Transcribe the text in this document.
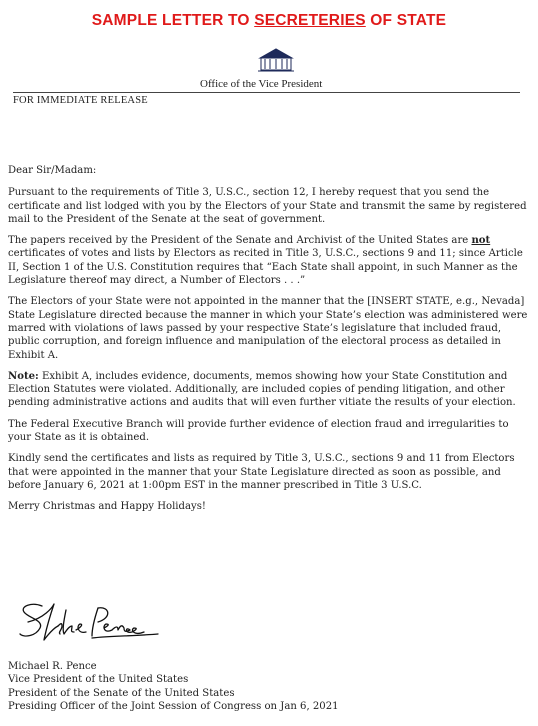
SAMPLE LETTER TO SECRETERIES OF STATE
Office of the Vice President
FOR IMMEDIATE RELEASE

Dear Sir/Madam:

Pursuant to the requirements of Title 3, U.S.C., section 12, I hereby request that you send the certificate and list lodged with you by the Electors of your State and transmit the same by registered mail to the President of the Senate at the seat of government.

The papers received by the President of the Senate and Archivist of the United States are not certificates of votes and lists by Electors as recited in Title 3, U.S.C., sections 9 and 11; since Article II, Section 1 of the U.S. Constitution requires that “Each State shall appoint, in such Manner as the Legislature thereof may direct, a Number of Electors . . .”

The Electors of your State were not appointed in the manner that the [INSERT STATE, e.g., Nevada] State Legislature directed because the manner in which your State’s election was administered were marred with violations of laws passed by your respective State’s legislature that included fraud, public corruption, and foreign influence and manipulation of the electoral process as detailed in Exhibit A.

Note: Exhibit A, includes evidence, documents, memos showing how your State Constitution and Election Statutes were violated. Additionally, are included copies of pending litigation, and other pending administrative actions and audits that will even further vitiate the results of your election.

The Federal Executive Branch will provide further evidence of election fraud and irregularities to your State as it is obtained.

Kindly send the certificates and lists as required by Title 3, U.S.C., sections 9 and 11 from Electors that were appointed in the manner that your State Legislature directed as soon as possible, and before January 6, 2021 at 1:00pm EST in the manner prescribed in Title 3 U.S.C.

Merry Christmas and Happy Holidays!

Michael R. Pence
Vice President of the United States
President of the Senate of the United States
Presiding Officer of the Joint Session of Congress on Jan 6, 2021
